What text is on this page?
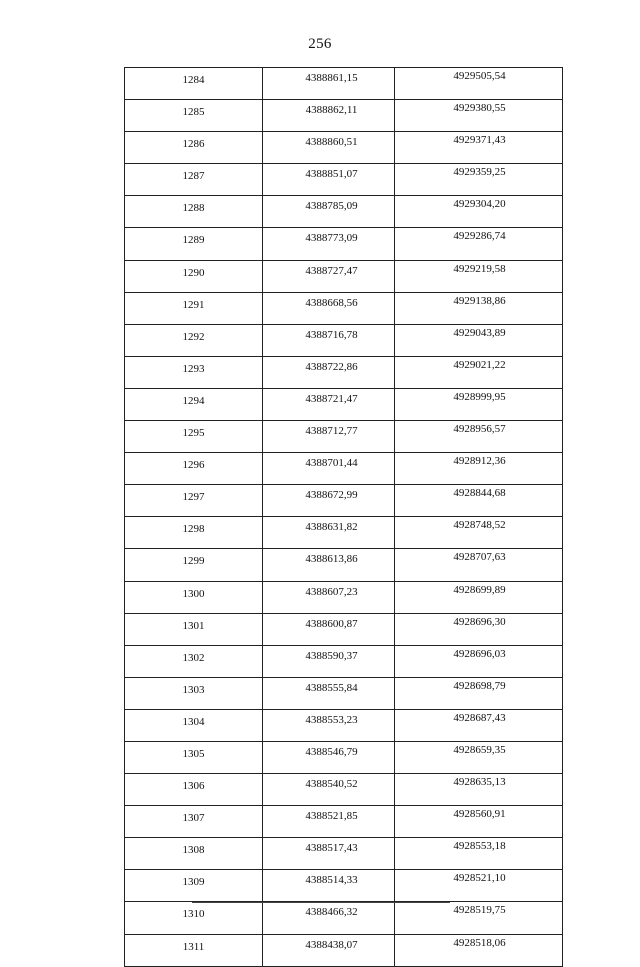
256
1284	4388861,15	4929505,54
1285	4388862,11	4929380,55
1286	4388860,51	4929371,43
1287	4388851,07	4929359,25
1288	4388785,09	4929304,20
1289	4388773,09	4929286,74
1290	4388727,47	4929219,58
1291	4388668,56	4929138,86
1292	4388716,78	4929043,89
1293	4388722,86	4929021,22
1294	4388721,47	4928999,95
1295	4388712,77	4928956,57
1296	4388701,44	4928912,36
1297	4388672,99	4928844,68
1298	4388631,82	4928748,52
1299	4388613,86	4928707,63
1300	4388607,23	4928699,89
1301	4388600,87	4928696,30
1302	4388590,37	4928696,03
1303	4388555,84	4928698,79
1304	4388553,23	4928687,43
1305	4388546,79	4928659,35
1306	4388540,52	4928635,13
1307	4388521,85	4928560,91
1308	4388517,43	4928553,18
1309	4388514,33	4928521,10
1310	4388466,32	4928519,75
1311	4388438,07	4928518,06
